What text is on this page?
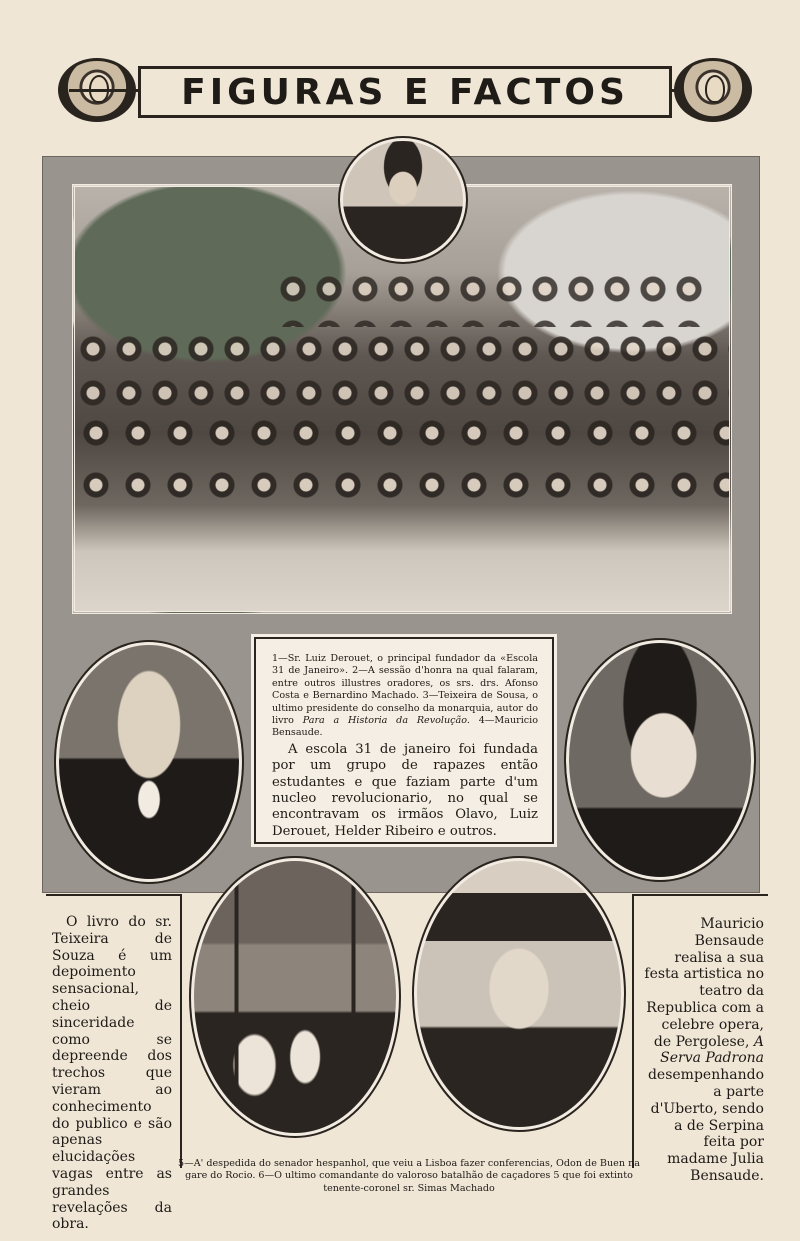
FIGURAS E FACTOS

1—Sr. Luiz Derouet, o principal fundador da «Escola 31 de Janeiro». 2—A sessão d'honra na qual falaram, entre outros illustres oradores, os srs. drs. Afonso Costa e Bernardino Machado. 3—Teixeira de Sousa, o ultimo presidente do conselho da monarquia, autor do livro Para a Historia da Revolução. 4—Mauricio Bensaude.

A escola 31 de janeiro foi fundada por um grupo de rapazes então estudantes e que faziam parte d'um nucleo revolucionario, no qual se encontravam os irmãos Olavo, Luiz Derouet, Helder Ribeiro e outros.

O livro do sr. Teixeira de Souza é um depoimento sensacional, cheio de sinceridade como se depreende dos trechos que vieram ao conhecimento do publico e são apenas elucidações vagas entre as grandes revelações da obra.

Mauricio Bensaude realisa a sua festa artistica no teatro da Republica com a celebre opera, de Pergolese, A Serva Padrona desempenhando a parte d'Uberto, sendo a de Serpina feita por madame Julia Bensaude.

5—A' despedida do senador hespanhol, que veiu a Lisboa fazer conferencias, Odon de Buen na gare do Rocio. 6—O ultimo comandante do valoroso batalhão de caçadores 5 que foi extinto tenente-coronel sr. Simas Machado
